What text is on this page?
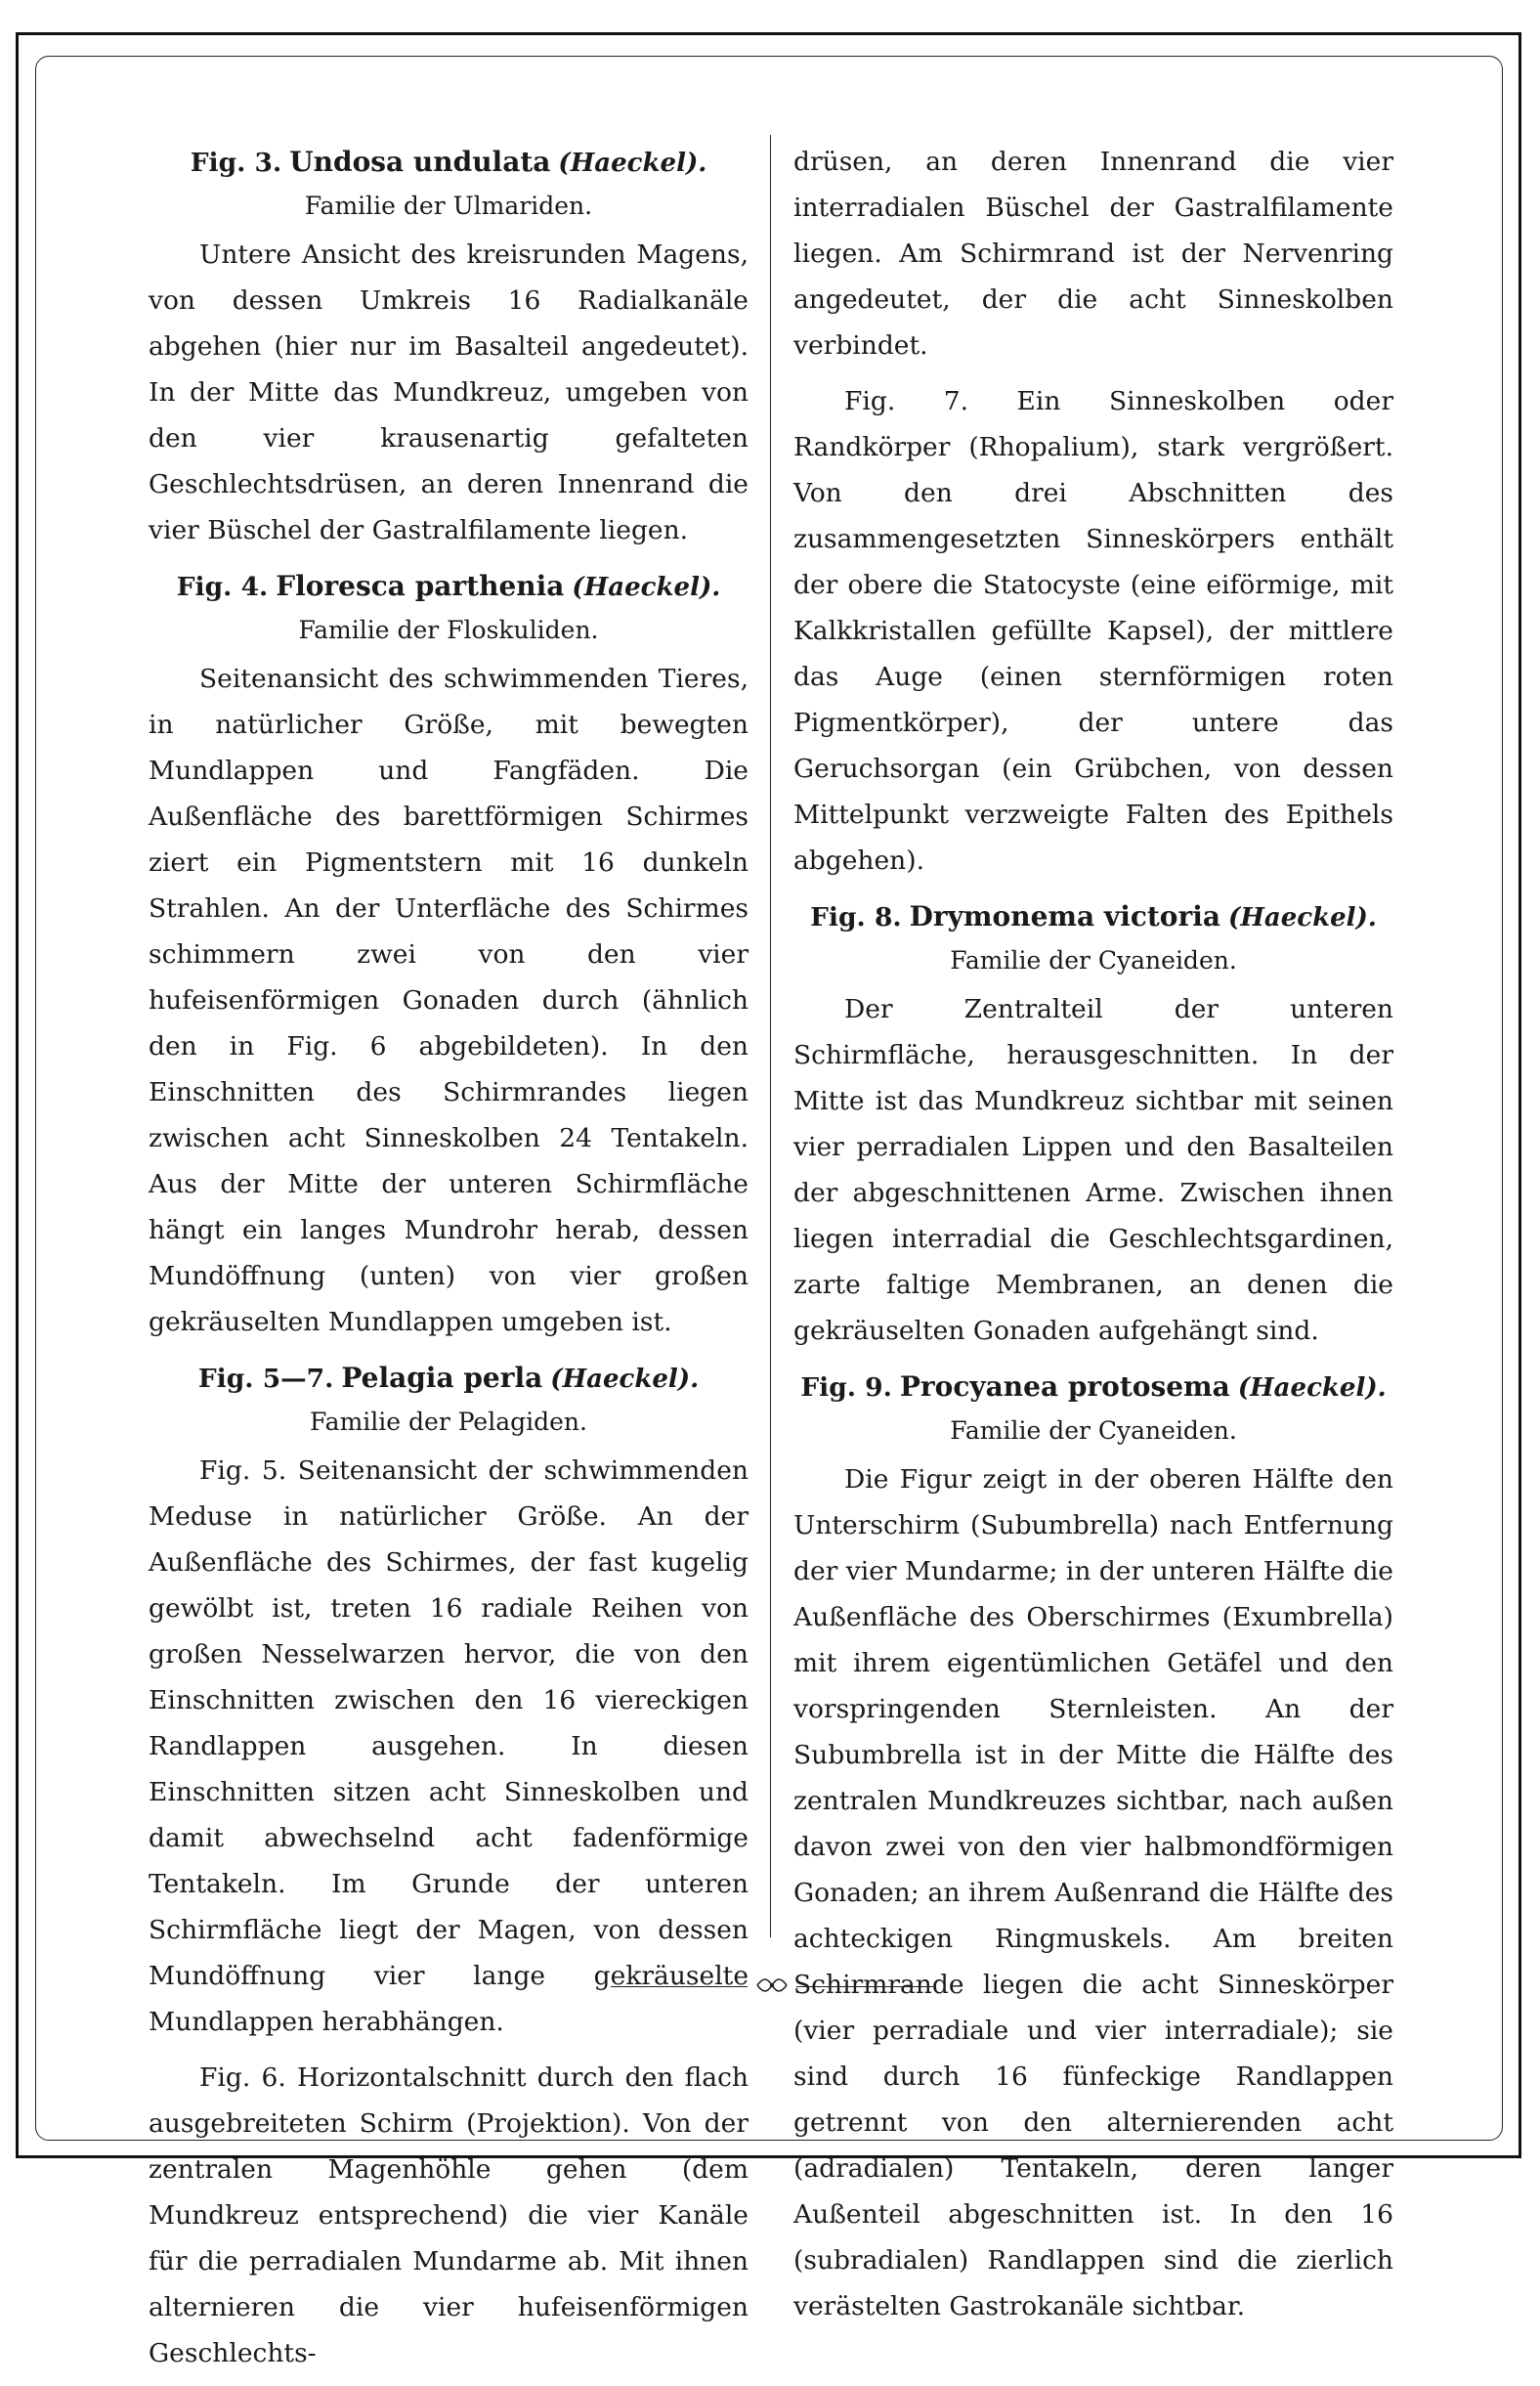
Fig. 3. Undosa undulata (Haeckel).
Familie der Ulmariden.

Untere Ansicht des kreisrunden Magens, von dessen Umkreis 16 Radialkanäle abgehen (hier nur im Basalteil angedeutet). In der Mitte das Mundkreuz, umgeben von den vier krausenartig gefalteten Geschlechtsdrüsen, an deren Innenrand die vier Büschel der Gastralfilamente liegen.

Fig. 4. Floresca parthenia (Haeckel).
Familie der Floskuliden.

Seitenansicht des schwimmenden Tieres, in natürlicher Größe, mit bewegten Mundlappen und Fangfäden. Die Außenfläche des barettförmigen Schirmes ziert ein Pigmentstern mit 16 dunkeln Strahlen. An der Unterfläche des Schirmes schimmern zwei von den vier hufeisenförmigen Gonaden durch (ähnlich den in Fig. 6 abgebildeten). In den Einschnitten des Schirmrandes liegen zwischen acht Sinneskolben 24 Tentakeln. Aus der Mitte der unteren Schirmfläche hängt ein langes Mundrohr herab, dessen Mundöffnung (unten) von vier großen gekräuselten Mundlappen umgeben ist.

Fig. 5—7. Pelagia perla (Haeckel).
Familie der Pelagiden.

Fig. 5. Seitenansicht der schwimmenden Meduse in natürlicher Größe. An der Außenfläche des Schirmes, der fast kugelig gewölbt ist, treten 16 radiale Reihen von großen Nesselwarzen hervor, die von den Einschnitten zwischen den 16 viereckigen Randlappen ausgehen. In diesen Einschnitten sitzen acht Sinneskolben und damit abwechselnd acht fadenförmige Tentakeln. Im Grunde der unteren Schirmfläche liegt der Magen, von dessen Mundöffnung vier lange gekräuselte Mundlappen herabhängen.

Fig. 6. Horizontalschnitt durch den flach ausgebreiteten Schirm (Projektion). Von der zentralen Magenhöhle gehen (dem Mundkreuz entsprechend) die vier Kanäle für die perradialen Mundarme ab. Mit ihnen alternieren die vier hufeisenförmigen Geschlechts-

drüsen, an deren Innenrand die vier interradialen Büschel der Gastralfilamente liegen. Am Schirmrand ist der Nervenring angedeutet, der die acht Sinneskolben verbindet.

Fig. 7. Ein Sinneskolben oder Randkörper (Rhopalium), stark vergrößert. Von den drei Abschnitten des zusammengesetzten Sinneskörpers enthält der obere die Statocyste (eine eiförmige, mit Kalkkristallen gefüllte Kapsel), der mittlere das Auge (einen sternförmigen roten Pigmentkörper), der untere das Geruchsorgan (ein Grübchen, von dessen Mittelpunkt verzweigte Falten des Epithels abgehen).

Fig. 8. Drymonema victoria (Haeckel).
Familie der Cyaneiden.

Der Zentralteil der unteren Schirmfläche, herausgeschnitten. In der Mitte ist das Mundkreuz sichtbar mit seinen vier perradialen Lippen und den Basalteilen der abgeschnittenen Arme. Zwischen ihnen liegen interradial die Geschlechtsgardinen, zarte faltige Membranen, an denen die gekräuselten Gonaden aufgehängt sind.

Fig. 9. Procyanea protosema (Haeckel).
Familie der Cyaneiden.

Die Figur zeigt in der oberen Hälfte den Unterschirm (Subumbrella) nach Entfernung der vier Mundarme; in der unteren Hälfte die Außenfläche des Oberschirmes (Exumbrella) mit ihrem eigentümlichen Getäfel und den vorspringenden Sternleisten. An der Subumbrella ist in der Mitte die Hälfte des zentralen Mundkreuzes sichtbar, nach außen davon zwei von den vier halbmondförmigen Gonaden; an ihrem Außenrand die Hälfte des achteckigen Ringmuskels. Am breiten Schirmrande liegen die acht Sinneskörper (vier perradiale und vier interradiale); sie sind durch 16 fünfeckige Randlappen getrennt von den alternierenden acht (adradialen) Tentakeln, deren langer Außenteil abgeschnitten ist. In den 16 (subradialen) Randlappen sind die zierlich verästelten Gastrokanäle sichtbar.
